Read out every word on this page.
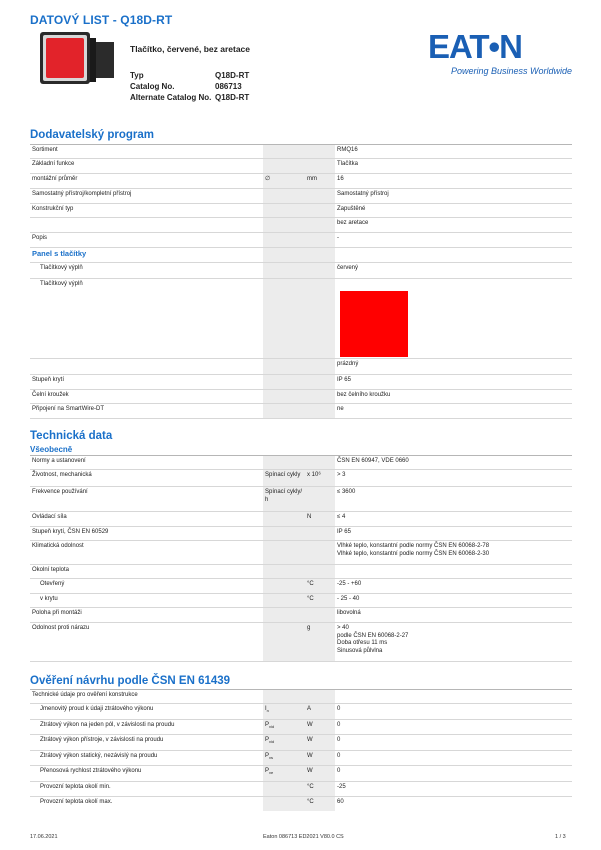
DATOVÝ LIST - Q18D-RT
Tlačítko, červené, bez aretace
Typ	Q18D-RT
Catalog No.	086713
Alternate Catalog No. Q18D-RT
EAT•N
Powering Business Worldwide
Dodavatelský program
Sortiment	RMQ16
Základní funkce	Tlačítka
montážní průměr	∅	mm	16
Samostatný přístroj/kompletní přístroj	Samostatný přístroj
Konstrukční typ	Zapuštěné
bez aretace
Popis	-
Panel s tlačítky
Tlačítkový výplň	červený
Tlačítkový výplň
prázdný
Stupeň krytí	IP 65
Čelní kroužek	bez čelního kroužku
Připojení na SmartWire-DT	ne
Technická data
Všeobecně
Normy a ustanovení	ČSN EN 60947, VDE 0660
Životnost, mechanická	Spínací cykly	x 10⁶	> 3
Frekvence používání	Spínací cykly/ h
≤ 3600
Ovládací síla	N	≤ 4
Stupeň krytí, ČSN EN 60529	IP 65
Klimatická odolnost	Vlhké teplo, konstantní podle normy ČSN EN 60068-2-78
Vlhké teplo, konstantní podle normy ČSN EN 60068-2-30
Okolní teplota
Otevřený	°C	-25 - +60
v krytu	°C	- 25 - 40
Poloha při montáži	libovolná
Odolnost proti nárazu	g	> 40
podle ČSN EN 60068-2-27
Doba otřesu 11 ms
Sinusová půlvlna
Ověření návrhu podle ČSN EN 61439
Technické údaje pro ověření konstrukce
Jmenovitý proud k údaji ztrátového výkonu	$I_n$	A	0
Ztrátový výkon na jeden pól, v závislosti na proudu	$P_{vid}$	W	0
Ztrátový výkon přístroje, v závislosti na proudu	$P_{vid}$	W	0
Ztrátový výkon statický, nezávislý na proudu	$P_{vs}$	W	0
Přenosová rychlost ztrátového výkonu	$P_{ve}$	W	0
Provozní teplota okolí min.	°C	-25
Provozní teplota okolí max.	°C	60
17.06.2021	Eaton 086713 ED2021 V80.0 CS	1 / 3
